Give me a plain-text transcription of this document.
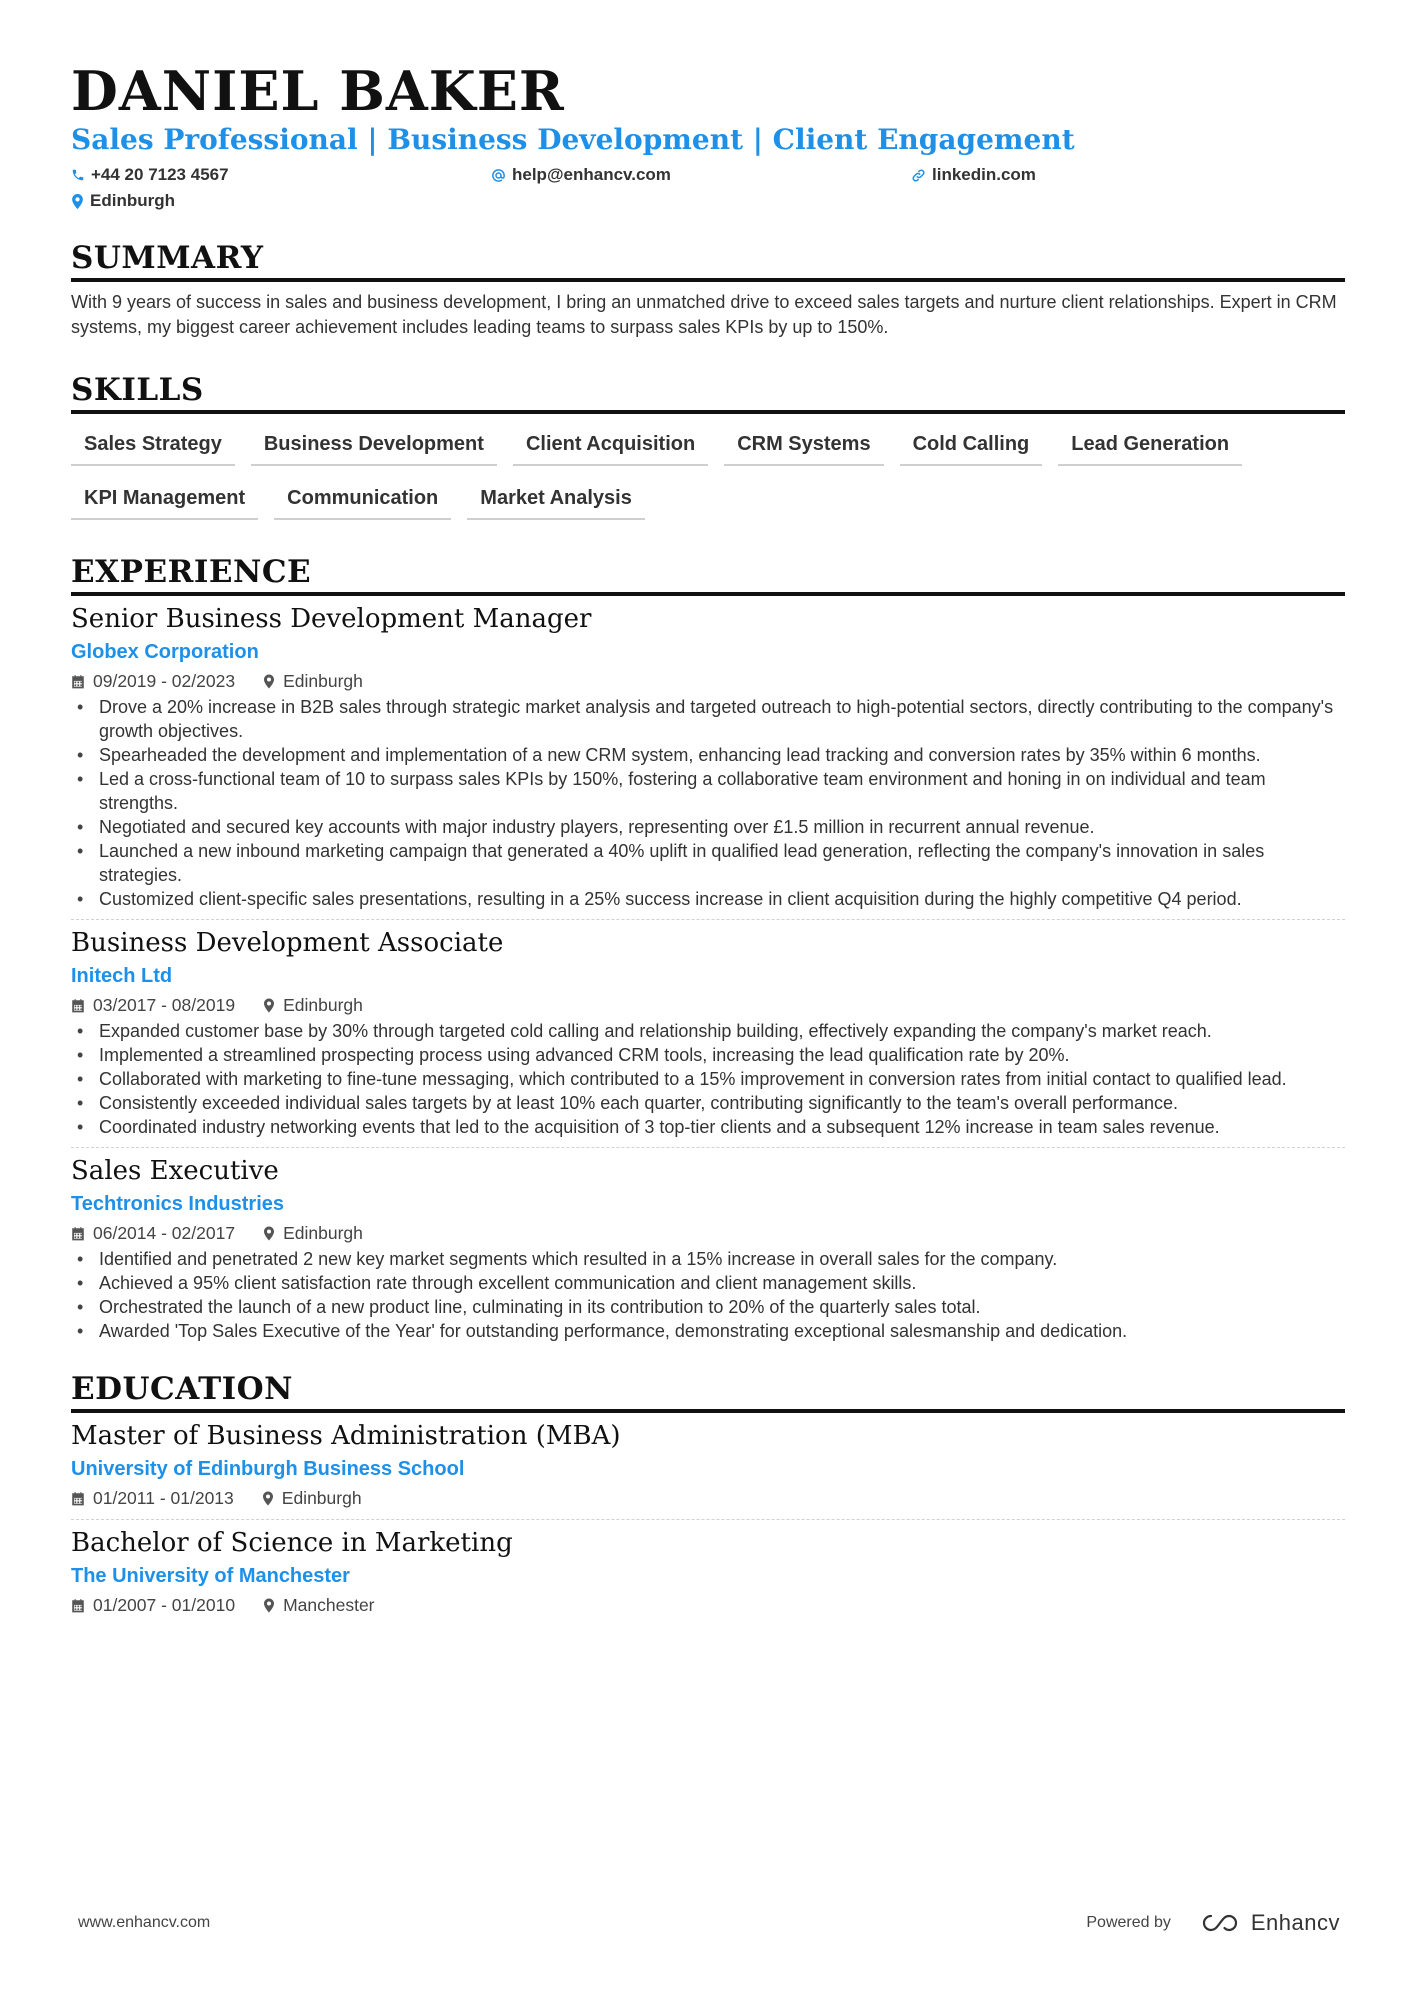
DANIEL BAKER
Sales Professional | Business Development | Client Engagement
+44 20 7123 4567	help@enhancv.com	linkedin.com
Edinburgh
SUMMARY

With 9 years of success in sales and business development, I bring an unmatched drive to exceed sales targets and nurture client relationships. Expert in CRM systems, my biggest career achievement includes leading teams to surpass sales KPIs by up to 150%.

SKILLS
Sales Strategy	Business Development	Client Acquisition	CRM Systems	Cold Calling	Lead Generation
KPI Management	Communication	Market Analysis
EXPERIENCE
Senior Business Development Manager
Globex Corporation
09/2019 - 02/2023	Edinburgh
• Drove a 20% increase in B2B sales through strategic market analysis and targeted outreach to high-potential sectors, directly contributing to the company's growth objectives.
• Spearheaded the development and implementation of a new CRM system, enhancing lead tracking and conversion rates by 35% within 6 months.
• Led a cross-functional team of 10 to surpass sales KPIs by 150%, fostering a collaborative team environment and honing in on individual and team strengths.
• Negotiated and secured key accounts with major industry players, representing over £1.5 million in recurrent annual revenue.
• Launched a new inbound marketing campaign that generated a 40% uplift in qualified lead generation, reflecting the company's innovation in sales strategies.
• Customized client-specific sales presentations, resulting in a 25% success increase in client acquisition during the highly competitive Q4 period.
Business Development Associate
Initech Ltd
03/2017 - 08/2019	Edinburgh
• Expanded customer base by 30% through targeted cold calling and relationship building, effectively expanding the company's market reach.
• Implemented a streamlined prospecting process using advanced CRM tools, increasing the lead qualification rate by 20%.
• Collaborated with marketing to fine-tune messaging, which contributed to a 15% improvement in conversion rates from initial contact to qualified lead.
• Consistently exceeded individual sales targets by at least 10% each quarter, contributing significantly to the team's overall performance.
• Coordinated industry networking events that led to the acquisition of 3 top-tier clients and a subsequent 12% increase in team sales revenue.
Sales Executive
Techtronics Industries
06/2014 - 02/2017	Edinburgh
• Identified and penetrated 2 new key market segments which resulted in a 15% increase in overall sales for the company.
• Achieved a 95% client satisfaction rate through excellent communication and client management skills.
• Orchestrated the launch of a new product line, culminating in its contribution to 20% of the quarterly sales total.
• Awarded 'Top Sales Executive of the Year' for outstanding performance, demonstrating exceptional salesmanship and dedication.
EDUCATION
Master of Business Administration (MBA)
University of Edinburgh Business School
01/2011 - 01/2013	Edinburgh
Bachelor of Science in Marketing
The University of Manchester
01/2007 - 01/2010	Manchester
www.enhancv.com	Powered by	Enhancv
